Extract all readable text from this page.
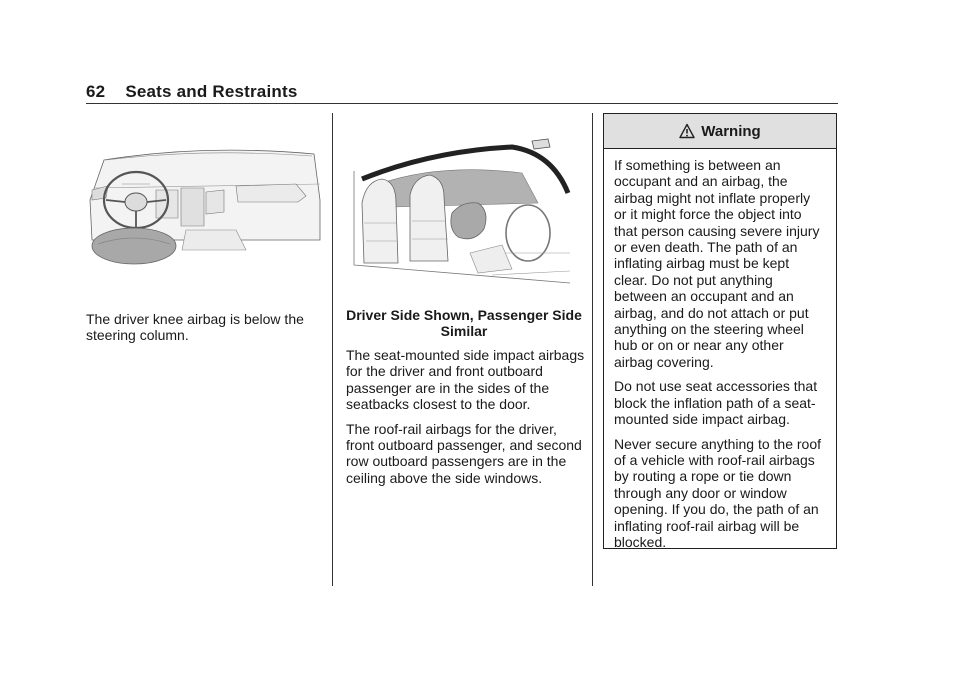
62 Seats and Restraints

The driver knee airbag is below the steering column.

Driver Side Shown, Passenger Side Similar

The seat-mounted side impact airbags for the driver and front outboard passenger are in the sides of the seatbacks closest to the door.

The roof-rail airbags for the driver, front outboard passenger, and second row outboard passengers are in the ceiling above the side windows.

Warning

If something is between an occupant and an airbag, the airbag might not inflate properly or it might force the object into that person causing severe injury or even death. The path of an inflating airbag must be kept clear. Do not put anything between an occupant and an airbag, and do not attach or put anything on the steering wheel hub or on or near any other airbag covering.

Do not use seat accessories that block the inflation path of a seat-mounted side impact airbag.

Never secure anything to the roof of a vehicle with roof-rail airbags by routing a rope or tie down through any door or window opening. If you do, the path of an inflating roof-rail airbag will be blocked.
